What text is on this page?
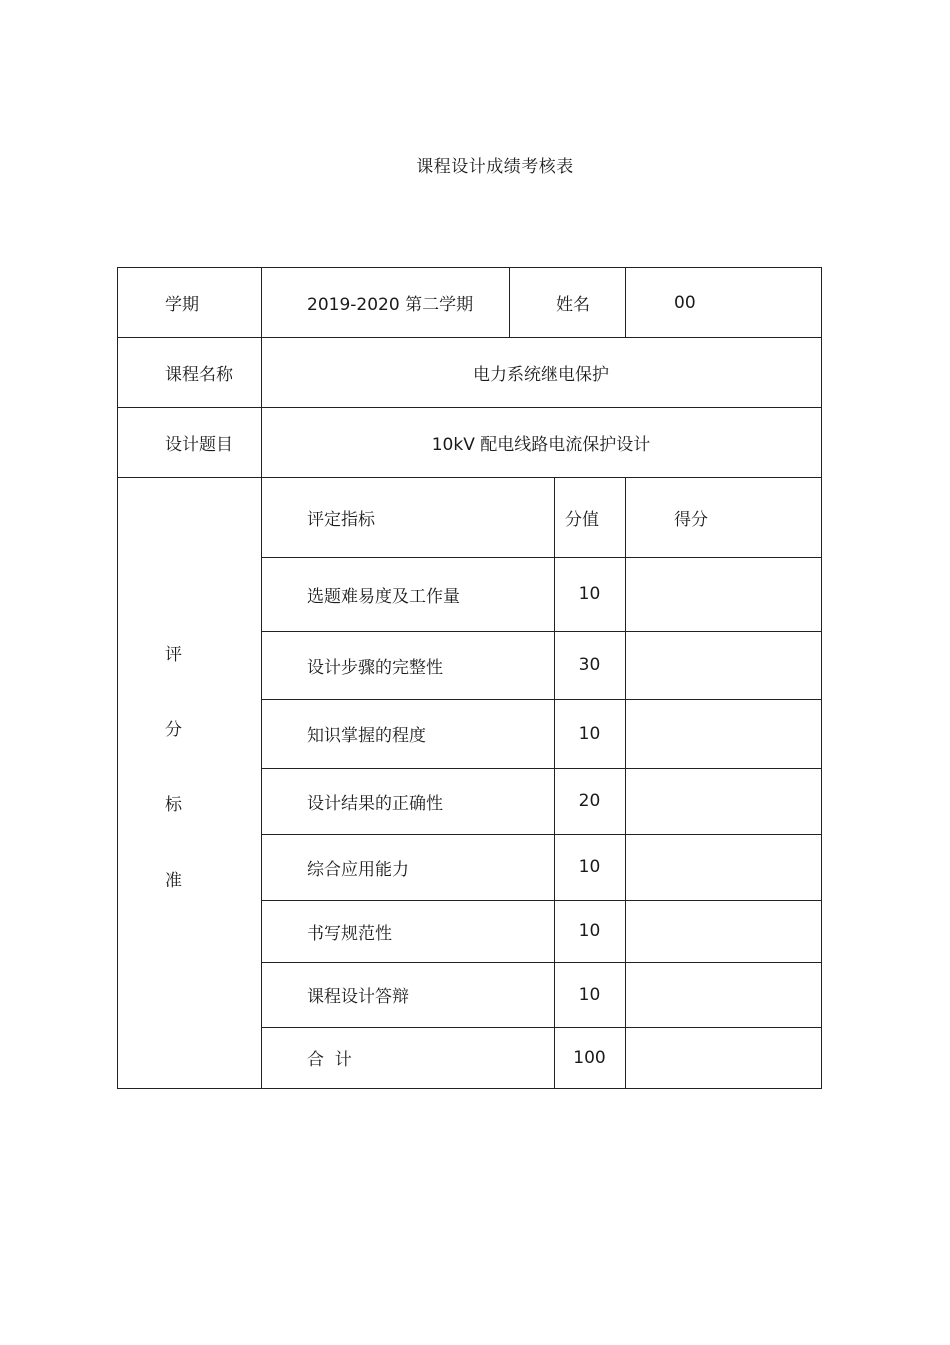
课程设计成绩考核表
学期	2019-2020 第二学期	姓名	00
课程名称	电力系统继电保护
设计题目	10kV 配电线路电流保护设计
评
分
标
准
评定指标	分值	得分
选题难易度及工作量	10
设计步骤的完整性	30
知识掌握的程度	10
设计结果的正确性	20
综合应用能力	10
书写规范性	10
课程设计答辩	10
合  计	100
